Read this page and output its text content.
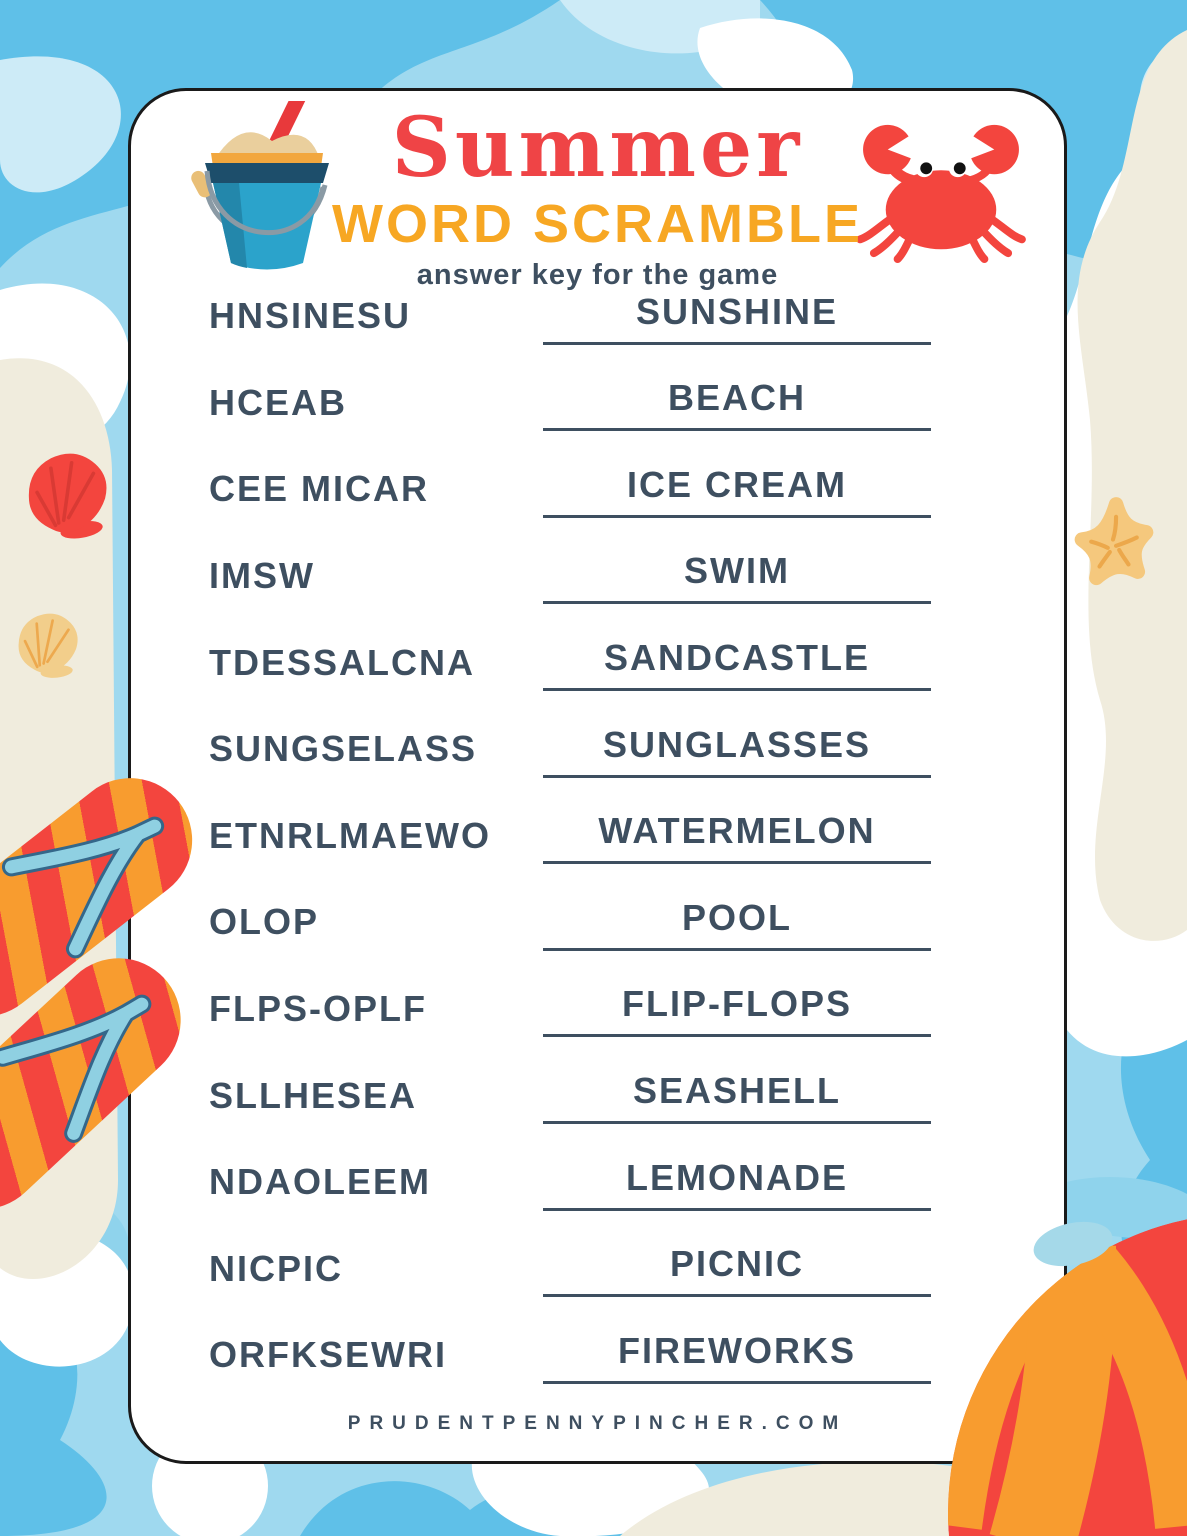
Summer
WORD SCRAMBLE
answer key for the game
HNSINESU	SUNSHINE
HCEAB	BEACH
CEE MICAR	ICE CREAM
IMSW	SWIM
TDESSALCNA	SANDCASTLE
SUNGSELASS	SUNGLASSES
ETNRLMAEWO	WATERMELON
OLOP	POOL
FLPS-OPLF	FLIP-FLOPS
SLLHESEA	SEASHELL
NDAOLEEM	LEMONADE
NICPIC	PICNIC
ORFKSEWRI	FIREWORKS
PRUDENTPENNYPINCHER.COM
